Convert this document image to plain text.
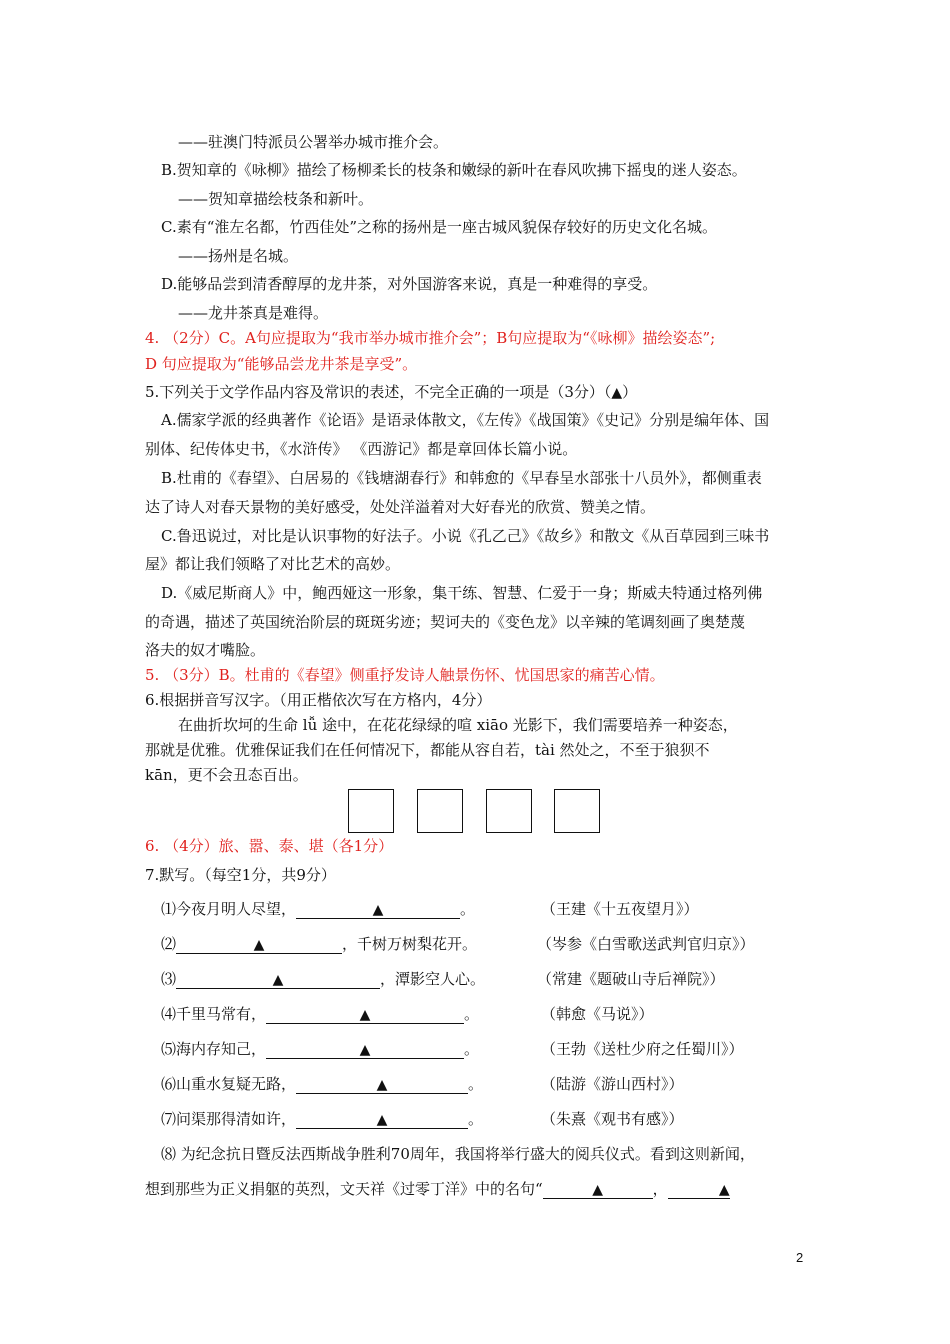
——驻澳门特派员公署举办城市推介会。
B.贺知章的《咏柳》描绘了杨柳柔长的枝条和嫩绿的新叶在春风吹拂下摇曳的迷人姿态。
——贺知章描绘枝条和新叶。
C.素有“淮左名都，竹西佳处”之称的扬州是一座古城风貌保存较好的历史文化名城。
——扬州是名城。
D.能够品尝到清香醇厚的龙井茶，对外国游客来说，真是一种难得的享受。
——龙井茶真是难得。
4. （2分）C。A句应提取为“我市举办城市推介会”；B句应提取为“《咏柳》描绘姿态”;
D 句应提取为“能够品尝龙井茶是享受”。
5.下列关于文学作品内容及常识的表述，不完全正确的一项是（3分）（▲）
A.儒家学派的经典著作《论语》是语录体散文，《左传》《战国策》《史记》分别是编年体、国
别体、纪传体史书，《水浒传》 《西游记》都是章回体长篇小说。
B.杜甫的《春望》、白居易的《钱塘湖春行》和韩愈的《早春呈水部张十八员外》，都侧重表
达了诗人对春天景物的美好感受，处处洋溢着对大好春光的欣赏、赞美之情。
C.鲁迅说过，对比是认识事物的好法子。小说《孔乙己》《故乡》和散文《从百草园到三味书
屋》都让我们领略了对比艺术的高妙。
D.《威尼斯商人》中，鲍西娅这一形象，集干练、智慧、仁爱于一身；斯威夫特通过格列佛
的奇遇，描述了英国统治阶层的斑斑劣迹；契诃夫的《变色龙》以辛辣的笔调刻画了奥楚蔑
洛夫的奴才嘴脸。
5. （3分）B。杜甫的《春望》侧重抒发诗人触景伤怀、忧国思家的痛苦心情。
6.根据拼音写汉字。（用正楷依次写在方格内，4分）
在曲折坎坷的生命 lǚ 途中，在花花绿绿的喧 xiāo 光影下，我们需要培养一种姿态，
那就是优雅。优雅保证我们在任何情况下，都能从容自若，tài 然处之，不至于狼狈不
kān，更不会丑态百出。
6. （4分）旅、嚣、泰、堪（各1分）
7.默写。（每空1分，共9分）
⑴今夜月明人尽望，	▲	。	（王建《十五夜望月》）
⑵	▲	，千树万树梨花开。	（岑参《白雪歌送武判官归京》）
⑶	▲	，潭影空人心。	（常建《题破山寺后禅院》）
⑷千里马常有，	▲	。	（韩愈《马说》）
⑸海内存知己，	▲	。	（王勃《送杜少府之任蜀川》）
⑹山重水复疑无路，	▲	。	（陆游《游山西村》）
⑺问渠那得清如许，	▲	。	（朱熹《观书有感》）
⑻ 为纪念抗日暨反法西斯战争胜利70周年，我国将举行盛大的阅兵仪式。看到这则新闻，
想到那些为正义捐躯的英烈，文天祥《过零丁洋》中的名句“	▲	，	▲
2
